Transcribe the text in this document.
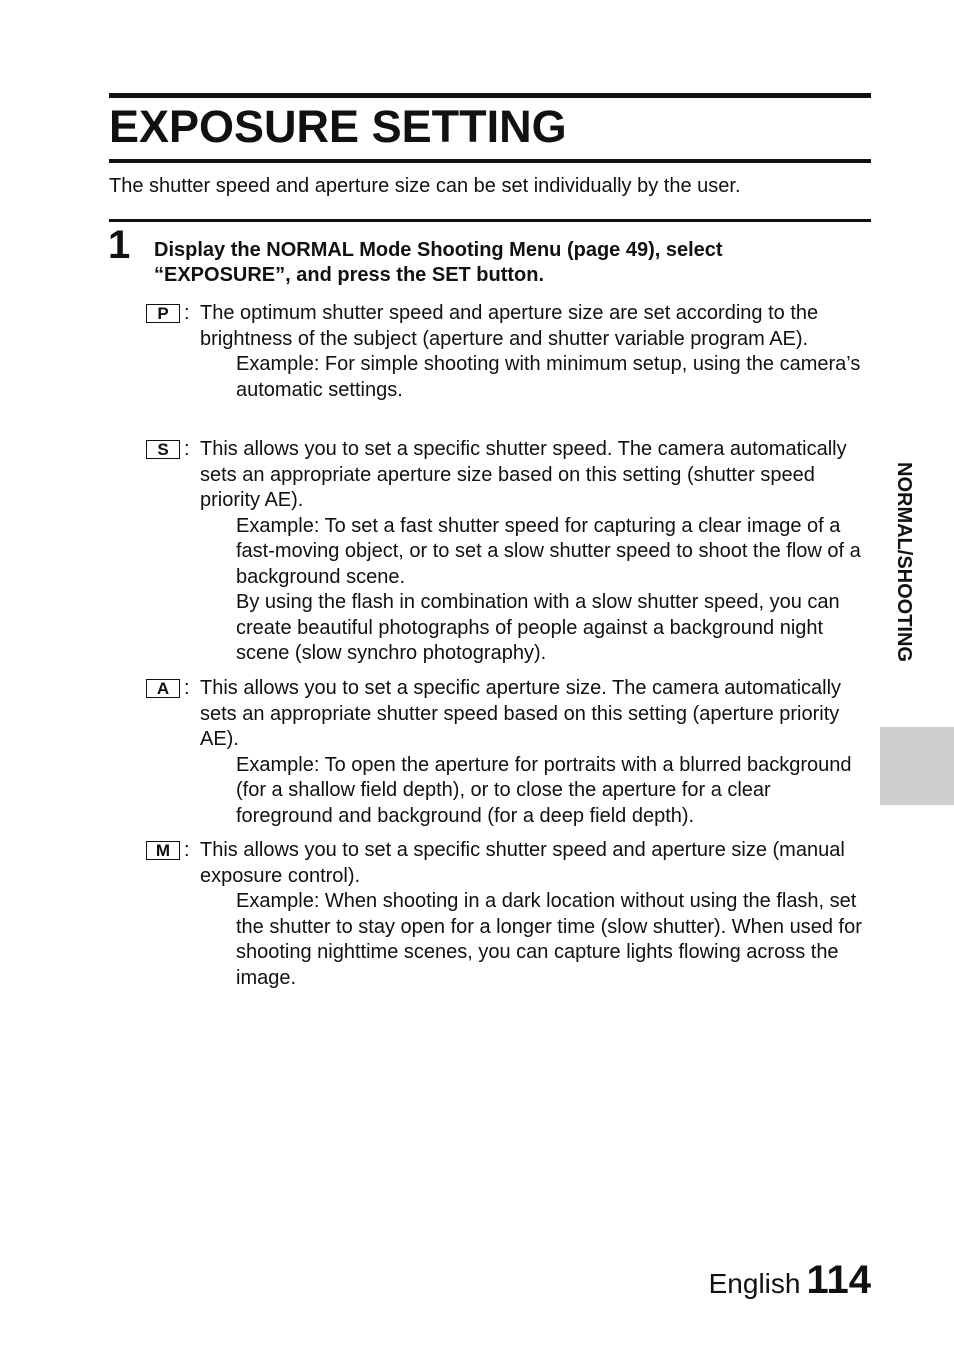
EXPOSURE SETTING

The shutter speed and aperture size can be set individually by the user.

1 Display the NORMAL Mode Shooting Menu (page 49), select “EXPOSURE”, and press the SET button.

P : The optimum shutter speed and aperture size are set according to the brightness of the subject (aperture and shutter variable program AE).

Example: For simple shooting with minimum setup, using the camera’s automatic settings.

S : This allows you to set a specific shutter speed. The camera automatically sets an appropriate aperture size based on this setting (shutter speed priority AE).

Example: To set a fast shutter speed for capturing a clear image of a fast-moving object, or to set a slow shutter speed to shoot the flow of a background scene.

By using the flash in combination with a slow shutter speed, you can create beautiful photographs of people against a background night scene (slow synchro photography).

A : This allows you to set a specific aperture size. The camera automatically sets an appropriate shutter speed based on this setting (aperture priority AE).

Example: To open the aperture for portraits with a blurred background (for a shallow field depth), or to close the aperture for a clear foreground and background (for a deep field depth).

M : This allows you to set a specific shutter speed and aperture size (manual exposure control).

Example: When shooting in a dark location without using the flash, set the shutter to stay open for a longer time (slow shutter). When used for shooting nighttime scenes, you can capture lights flowing across the image.

NORMAL/SHOOTING
English 114
